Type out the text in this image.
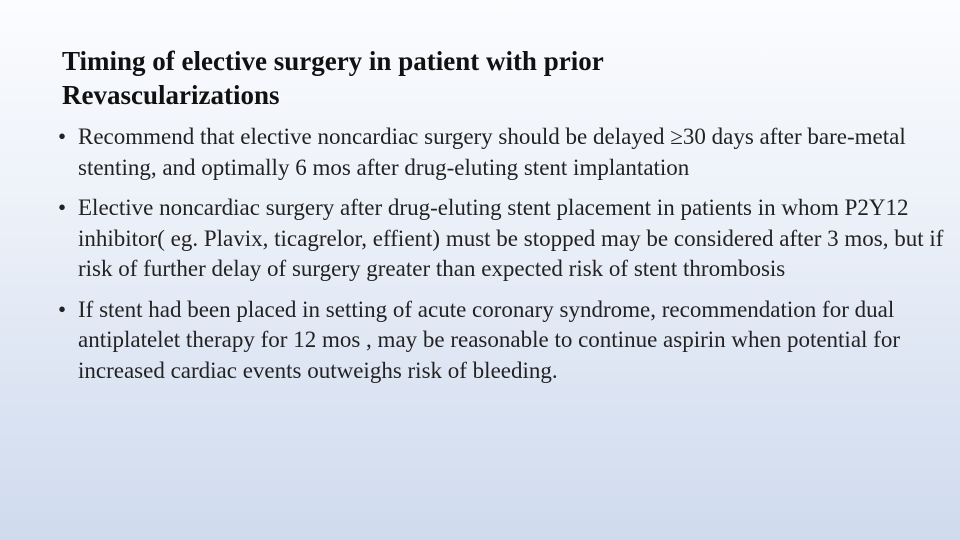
Timing of elective surgery in patient with prior
Revascularizations
• Recommend that elective noncardiac surgery should be delayed ≥30 days after bare-metal stenting, and optimally 6 mos after drug-eluting stent implantation
• Elective noncardiac surgery after drug-eluting stent placement in patients in whom P2Y12 inhibitor( eg. Plavix, ticagrelor, effient) must be stopped may be considered after 3 mos, but if risk of further delay of surgery greater than expected risk of stent thrombosis
• If stent had been placed in setting of acute coronary syndrome, recommendation for dual antiplatelet therapy for 12 mos , may be reasonable to continue aspirin when potential for increased cardiac events outweighs risk of bleeding.
